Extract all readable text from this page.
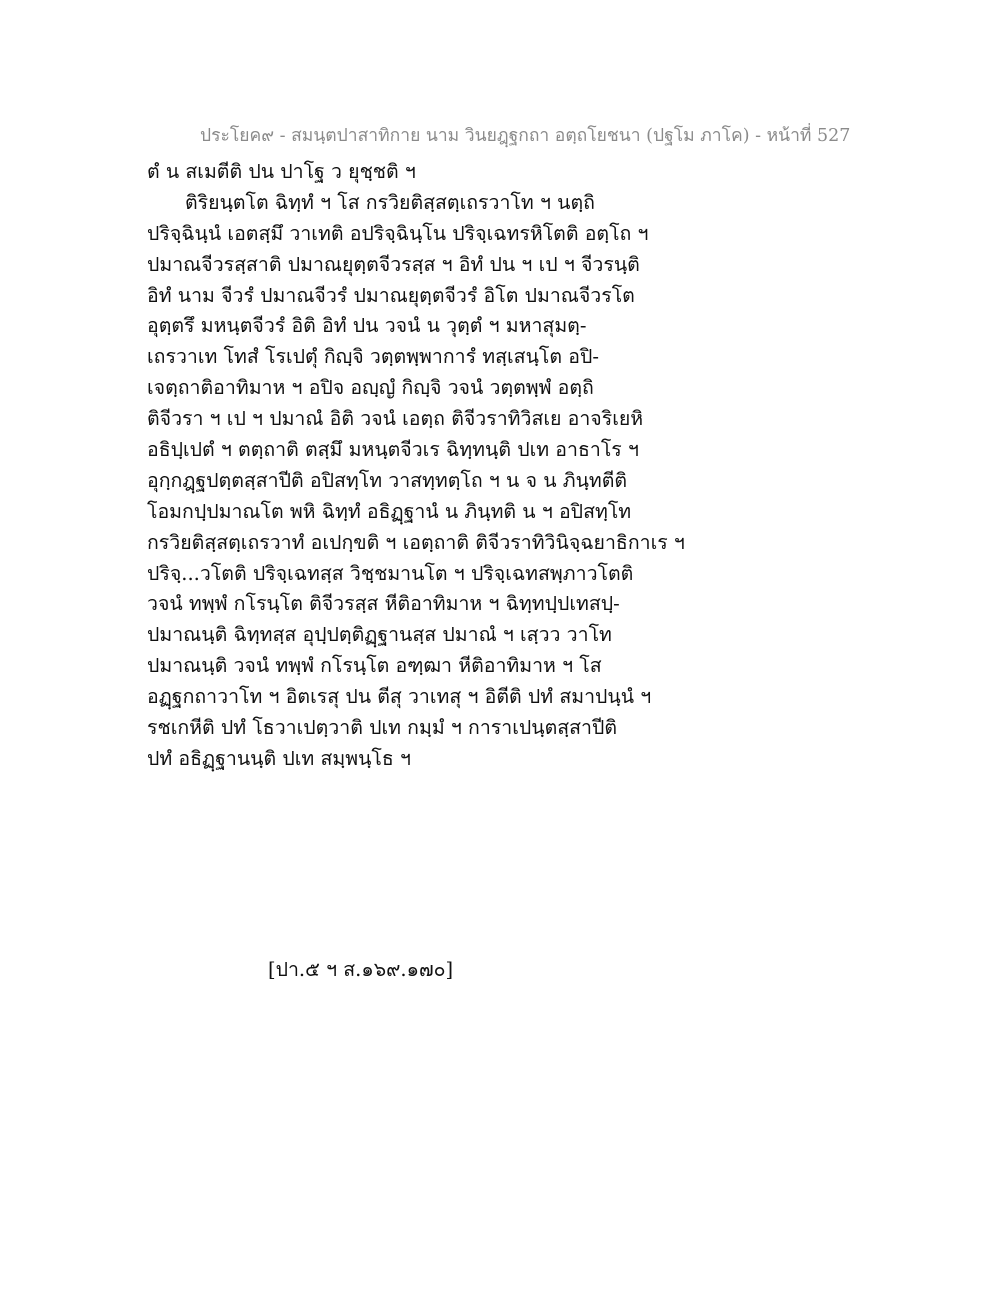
ประโยค๙ - สมนฺตปาสาทิกาย นาม วินยฎฺฐกถา อตฺถโยชนา (ปฐโม ภาโค) - หน้าที่ 527
ตํ น สเมตีติ ปน ปาโฐ ว ยุชฺชติ ฯ
ติริยนฺตโต ฉิทฺทํ ฯ โส กรวิยติสฺสตฺเถรวาโท ฯ นตฺถิ
ปริจฺฉินฺนํ เอตสฺมึ วาเทติ อปริจฺฉินฺโน ปริจฺเฉทรหิโตติ อตฺโถ ฯ
ปมาณจีวรสฺสาติ ปมาณยุตฺตจีวรสฺส ฯ อิทํ ปน ฯ เป ฯ จีวรนฺติ
อิทํ นาม จีวรํ ปมาณจีวรํ ปมาณยุตฺตจีวรํ อิโต ปมาณจีวรโต
อุตฺตรึ มหนฺตจีวรํ อิติ อิทํ ปน วจนํ น วุตฺตํ ฯ มหาสุมตฺ-
เถรวาเท โทสํ โรเปตุํ กิญฺจิ วตฺตพฺพาการํ ทสฺเสนฺโต อปิ-
เจตฺถาติอาทิมาห ฯ อปิจ อญฺญํ กิญฺจิ วจนํ วตฺตพฺพํ อตฺถิ
ติจีวรา ฯ เป ฯ ปมาณํ อิติ วจนํ เอตฺถ ติจีวราทิวิสเย อาจริเยหิ
อธิปฺเปตํ ฯ ตตฺถาติ ตสฺมึ มหนฺตจีวเร ฉิทฺทนฺติ ปเท อาธาโร ฯ
อุกฺกฎฺฐปตฺตสฺสาปีติ อปิสทฺโท วาสทฺทตฺโถ ฯ น จ น ภินฺทตีติ
โอมกปฺปมาณโต พหิ ฉิทฺทํ อธิฏฺฐานํ น ภินฺทติ น ฯ อปิสทฺโท
กรวิยติสฺสตฺเถรวาทํ อเปกฺขติ ฯ เอตฺถาติ ติจีวราทิวินิจฺฉยาธิกาเร ฯ
ปริจฺ...วโตติ ปริจฺเฉทสฺส วิชฺชมานโต ฯ ปริจฺเฉทสพฺภาวโตติ
วจนํ ทพฺพํ กโรนฺโต ติจีวรสฺส หีติอาทิมาห ฯ ฉิทฺทปฺปเทสปฺ-
ปมาณนฺติ ฉิทฺทสฺส อุปฺปตฺติฏฺฐานสฺส ปมาณํ ฯ เสฺวว วาโท
ปมาณนฺติ วจนํ ทพฺพํ กโรนฺโต อฑฺฒา หีติอาทิมาห ฯ โส
อฏฺฐกถาวาโท ฯ อิตเรสุ ปน ตีสุ วาเทสุ ฯ อิตีติ ปทํ สมาปนฺนํ ฯ
รชเกหีติ ปทํ โธวาเปตฺวาติ ปเท กมฺมํ ฯ การาเปนฺตสฺสาปีติ
ปทํ อธิฏฺฐานนฺติ ปเท สมฺพนฺโธ ฯ
[ปา.๕ ฯ ส.๑๖๙.๑๗๐]
